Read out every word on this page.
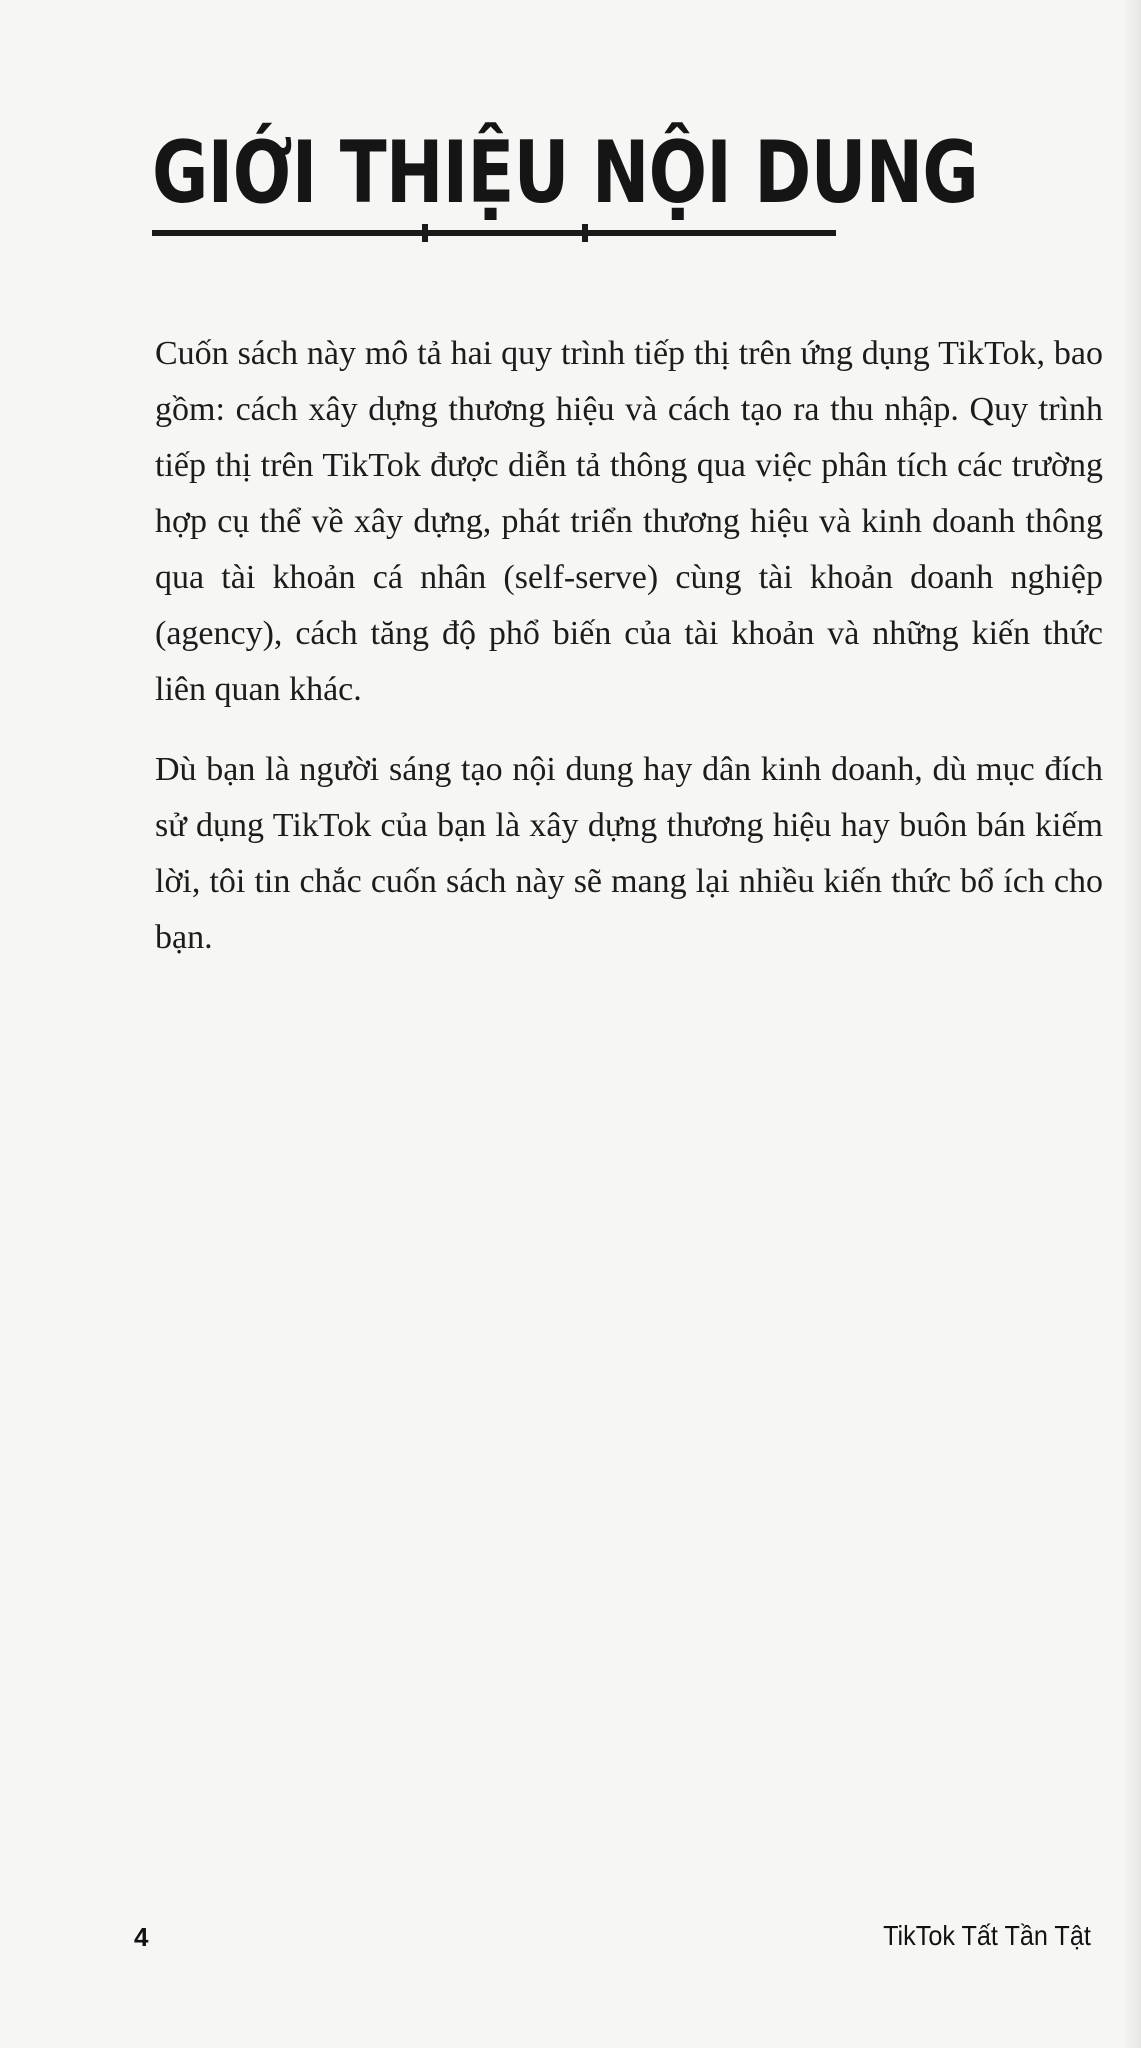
GIỚI THIỆU NỘI DUNG

Cuốn sách này mô tả hai quy trình tiếp thị trên ứng dụng TikTok, bao gồm: cách xây dựng thương hiệu và cách tạo ra thu nhập. Quy trình tiếp thị trên TikTok được diễn tả thông qua việc phân tích các trường hợp cụ thể về xây dựng, phát triển thương hiệu và kinh doanh thông qua tài khoản cá nhân (self-serve) cùng tài khoản doanh nghiệp (agency), cách tăng độ phổ biến của tài khoản và những kiến thức liên quan khác.

Dù bạn là người sáng tạo nội dung hay dân kinh doanh, dù mục đích sử dụng TikTok của bạn là xây dựng thương hiệu hay buôn bán kiếm lời, tôi tin chắc cuốn sách này sẽ mang lại nhiều kiến thức bổ ích cho bạn.

4	TikTok Tất Tần Tật
